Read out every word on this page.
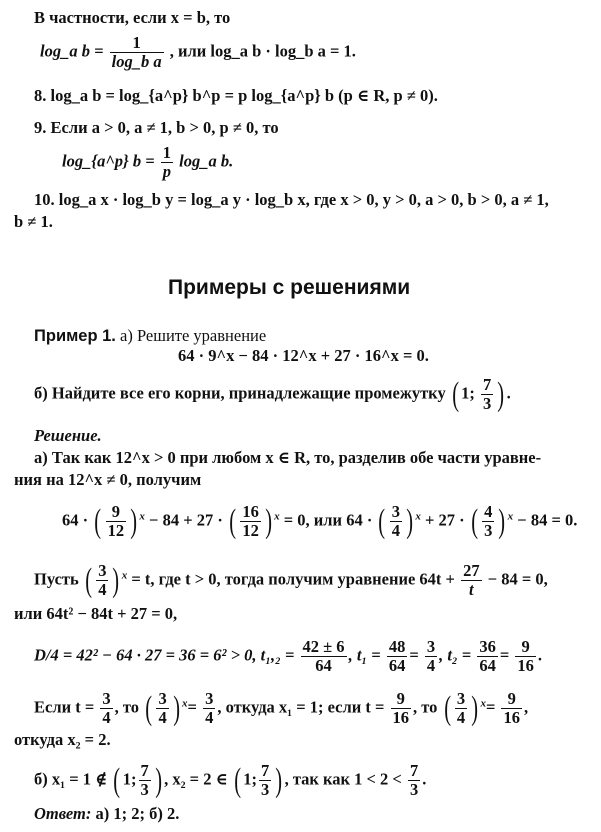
В частности, если x = b, то
log_a $b = \frac{1}{\text{log\_b a}}$ , или log_a b · log_b a = 1.
8. log_a b = log_{a^p} b^p = p log_{a^p} b (p ∈ R, p ≠ 0).
9. Если a > 0, a ≠ 1, b > 0, p ≠ 0, то
log_{a^p} $b = \frac{1}{p}$ log_a b.
10. log_a x · log_b y = log_a y · log_b x, где x > 0, y > 0, a > 0, b > 0, a ≠ 1,
b ≠ 1.
Примеры с решениями
Пример 1. а) Решите уравнение
64 · 9^x − 84 · 12^x + 27 · 16^x = 0.
б) Найдите все его корни, принадлежащие промежутку ( 1; $\frac{7}{3}$ ) .
Решение.
а) Так как 12^x > 0 при любом x ∈ R, то, разделив обе части уравне-
ния на 12^x ≠ 0, получим
64 · ( $\frac{9}{12}$ ) $^x$ − 84 + 27 · ( $\frac{16}{12}$ ) $^x$ = 0, или 64 · ( $\frac{3}{4}$ ) $^x$ + 27 · ( $\frac{4}{3}$ ) $^x$ − 84 = 0.
Пусть ( $\frac{3}{4}$ ) $^x$ = t, где t > 0, тогда получим уравнение $64t + \frac{27}{t} - 84 = 0$,
или 64t² − 84t + 27 = 0,
D/4 = 42² − 64 · 27 = 36 = 6² > 0, $t_1,_2 = \frac{42 \pm 6}{64}$ , $t_1 = \frac{48}{64} = \frac{3}{4}$ , $t_2 = \frac{36}{64} = \frac{9}{16}$ .
Если $t = \frac{3}{4}$ , то ( $\frac{3}{4}$ ) $^x= \frac{3}{4}$ , откуда x₁ = 1; если $t = \frac{9}{16}$ , то ( $\frac{3}{4}$ ) $^x= \frac{9}{16}$ ,
откуда x₂ = 2.
б) x₁ = 1 ∉ ( 1; $\frac{7}{3}$ ) , x₂ = 2 ∈ ( 1; $\frac{7}{3}$ ) , так как $1 < 2 < \frac{7}{3}$ .
Ответ: а) 1; 2; б) 2.
